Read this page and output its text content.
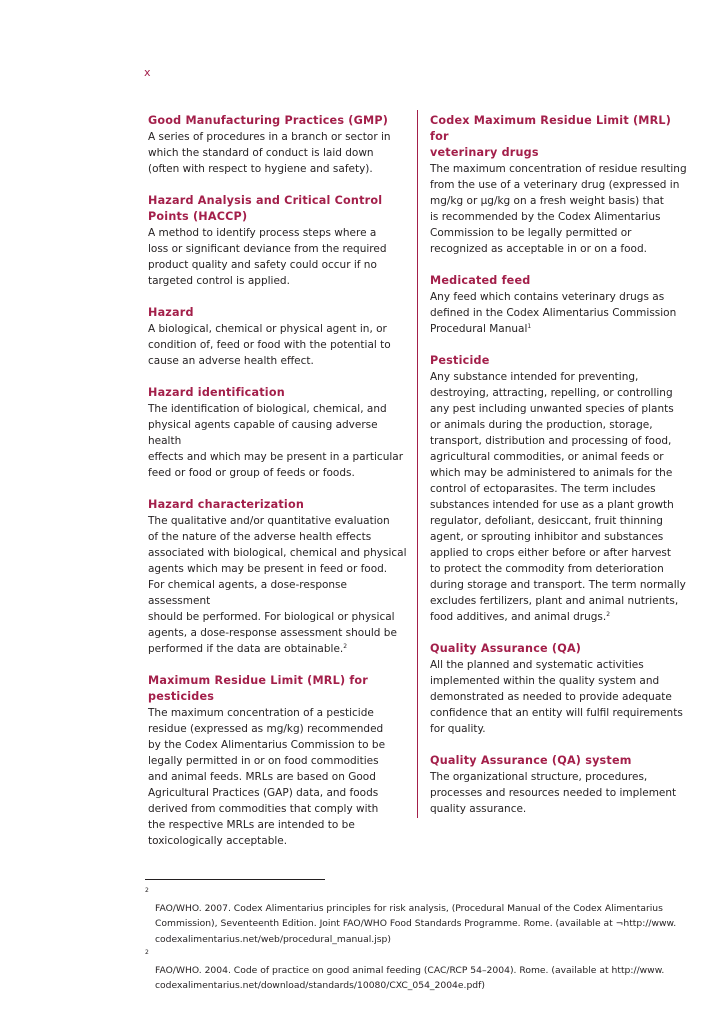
x
Good Manufacturing Practices (GMP)

A series of procedures in a branch or sector in
which the standard of conduct is laid down
(often with respect to hygiene and safety).

Hazard Analysis and Critical Control
Points (HACCP)

A method to identify process steps where a
loss or significant deviance from the required
product quality and safety could occur if no
targeted control is applied.

Hazard

A biological, chemical or physical agent in, or
condition of, feed or food with the potential to
cause an adverse health effect.

Hazard identification

The identification of biological, chemical, and
physical agents capable of causing adverse health
effects and which may be present in a particular
feed or food or group of feeds or foods.

Hazard characterization

The qualitative and/or quantitative evaluation
of the nature of the adverse health effects
associated with biological, chemical and physical
agents which may be present in feed or food.
For chemical agents, a dose-response assessment
should be performed. For biological or physical
agents, a dose-response assessment should be
performed if the data are obtainable.$^2$

Maximum Residue Limit (MRL) for
pesticides

The maximum concentration of a pesticide
residue (expressed as mg/kg) recommended
by the Codex Alimentarius Commission to be
legally permitted in or on food commodities
and animal feeds. MRLs are based on Good
Agricultural Practices (GAP) data, and foods
derived from commodities that comply with
the respective MRLs are intended to be
toxicologically acceptable.

Codex Maximum Residue Limit (MRL) for
veterinary drugs

The maximum concentration of residue resulting
from the use of a veterinary drug (expressed in
mg/kg or µg/kg on a fresh weight basis) that
is recommended by the Codex Alimentarius
Commission to be legally permitted or
recognized as acceptable in or on a food.

Medicated feed

Any feed which contains veterinary drugs as
defined in the Codex Alimentarius Commission
Procedural Manual$^1$

Pesticide

Any substance intended for preventing,
destroying, attracting, repelling, or controlling
any pest including unwanted species of plants
or animals during the production, storage,
transport, distribution and processing of food,
agricultural commodities, or animal feeds or
which may be administered to animals for the
control of ectoparasites. The term includes
substances intended for use as a plant growth
regulator, defoliant, desiccant, fruit thinning
agent, or sprouting inhibitor and substances
applied to crops either before or after harvest
to protect the commodity from deterioration
during storage and transport. The term normally
excludes fertilizers, plant and animal nutrients,
food additives, and animal drugs.$^2$

Quality Assurance (QA)

All the planned and systematic activities
implemented within the quality system and
demonstrated as needed to provide adequate
confidence that an entity will fulfil requirements
for quality.

Quality Assurance (QA) system

The organizational structure, procedures,
processes and resources needed to implement
quality assurance.

2
FAO/WHO. 2007. Codex Alimentarius principles for risk analysis, (Procedural Manual of the Codex Alimentarius
Commission), Seventeenth Edition. Joint FAO/WHO Food Standards Programme. Rome. (available at ¬http://www.
codexalimentarius.net/web/procedural_manual.jsp)

2
FAO/WHO. 2004. Code of practice on good animal feeding (CAC/RCP 54–2004). Rome. (available at http://www.
codexalimentarius.net/download/standards/10080/CXC_054_2004e.pdf)
